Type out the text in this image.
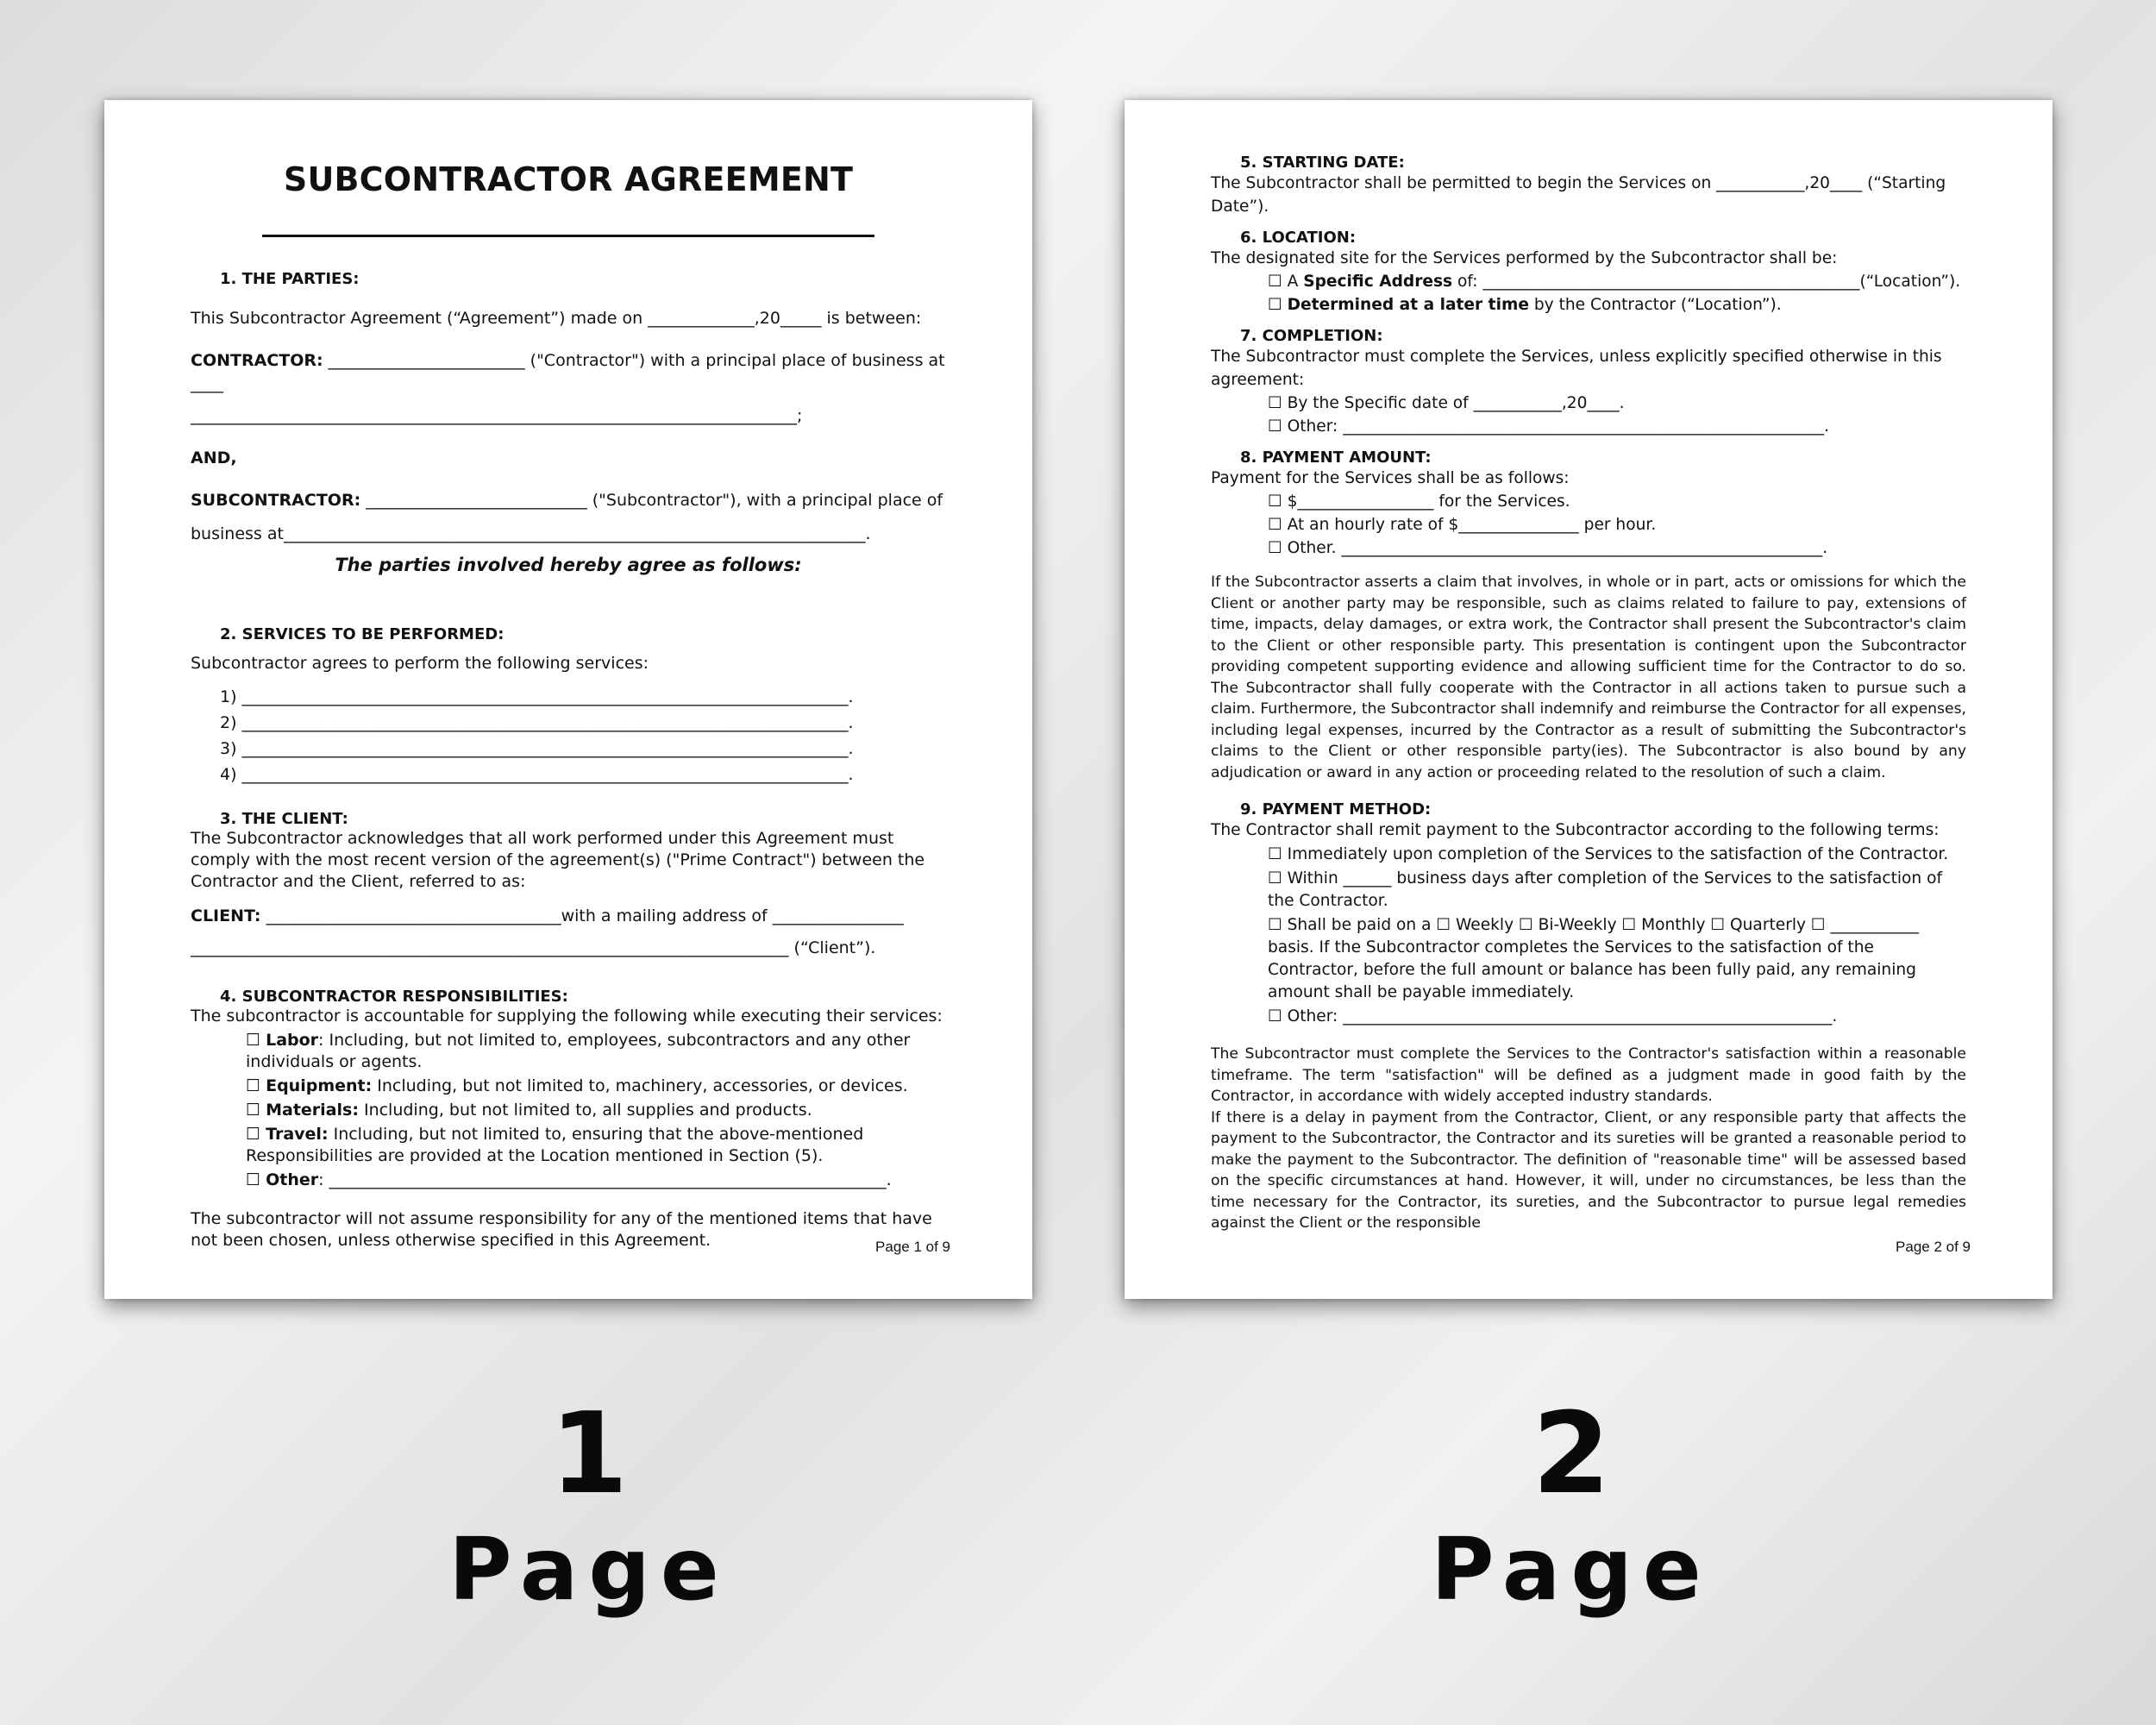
SUBCONTRACTOR AGREEMENT
1. THE PARTIES:
This Subcontractor Agreement (“Agreement”) made on _____________,20_____ is between:
CONTRACTOR: ________________________ ("Contractor") with a principal place of business at ____
__________________________________________________________________________;
AND,
SUBCONTRACTOR: ___________________________ ("Subcontractor"), with a principal place of
business at_______________________________________________________________________.
The parties involved hereby agree as follows:
2. SERVICES TO BE PERFORMED:
Subcontractor agrees to perform the following services:
1) __________________________________________________________________________.
2) __________________________________________________________________________.
3) __________________________________________________________________________.
4) __________________________________________________________________________.
3. THE CLIENT:
The Subcontractor acknowledges that all work performed under this Agreement must comply with the most recent version of the agreement(s) ("Prime Contract") between the Contractor and the Client, referred to as:
CLIENT: ____________________________________with a mailing address of ________________
_________________________________________________________________________ (“Client”).
4. SUBCONTRACTOR RESPONSIBILITIES:
The subcontractor is accountable for supplying the following while executing their services:
☐ Labor: Including, but not limited to, employees, subcontractors and any other individuals or agents.
☐ Equipment: Including, but not limited to, machinery, accessories, or devices.
☐ Materials: Including, but not limited to, all supplies and products.
☐ Travel: Including, but not limited to, ensuring that the above-mentioned Responsibilities are provided at the Location mentioned in Section (5).
☐ Other: ____________________________________________________________________.
The subcontractor will not assume responsibility for any of the mentioned items that have not been chosen, unless otherwise specified in this Agreement.	Page 1 of 9
5. STARTING DATE:
The Subcontractor shall be permitted to begin the Services on ___________,20____ (“Starting Date”).
6. LOCATION:
The designated site for the Services performed by the Subcontractor shall be:
☐ A Specific Address of: _______________________________________________(“Location”).
☐ Determined at a later time by the Contractor (“Location”).
7. COMPLETION:
The Subcontractor must complete the Services, unless explicitly specified otherwise in this agreement:
☐ By the Specific date of ___________,20____.
☐ Other: ____________________________________________________________.
8. PAYMENT AMOUNT:
Payment for the Services shall be as follows:
☐ $_________________ for the Services.
☐ At an hourly rate of $_______________ per hour.
☐ Other. ____________________________________________________________.
If the Subcontractor asserts a claim that involves, in whole or in part, acts or omissions for which the Client or another party may be responsible, such as claims related to failure to pay, extensions of time, impacts, delay damages, or extra work, the Contractor shall present the Subcontractor's claim to the Client or other responsible party. This presentation is contingent upon the Subcontractor providing competent supporting evidence and allowing sufficient time for the Contractor to do so. The Subcontractor shall fully cooperate with the Contractor in all actions taken to pursue such a claim. Furthermore, the Subcontractor shall indemnify and reimburse the Contractor for all expenses, including legal expenses, incurred by the Contractor as a result of submitting the Subcontractor's claims to the Client or other responsible party(ies). The Subcontractor is also bound by any adjudication or award in any action or proceeding related to the resolution of such a claim.
9. PAYMENT METHOD:
The Contractor shall remit payment to the Subcontractor according to the following terms:
☐ Immediately upon completion of the Services to the satisfaction of the Contractor.
☐ Within ______ business days after completion of the Services to the satisfaction of the Contractor.
☐ Shall be paid on a ☐ Weekly ☐ Bi-Weekly ☐ Monthly ☐ Quarterly ☐ ___________ basis. If the Subcontractor completes the Services to the satisfaction of the Contractor, before the full amount or balance has been fully paid, any remaining amount shall be payable immediately.
☐ Other: _____________________________________________________________.
The Subcontractor must complete the Services to the Contractor's satisfaction within a reasonable timeframe. The term "satisfaction" will be defined as a judgment made in good faith by the Contractor, in accordance with widely accepted industry standards.
If there is a delay in payment from the Contractor, Client, or any responsible party that affects the payment to the Subcontractor, the Contractor and its sureties will be granted a reasonable period to make the payment to the Subcontractor. The definition of "reasonable time" will be assessed based on the specific circumstances at hand. However, it will, under no circumstances, be less than the time necessary for the Contractor, its sureties, and the Subcontractor to pursue legal remedies against the Client or the responsible
Page 2 of 9
1
Page
2
Page
